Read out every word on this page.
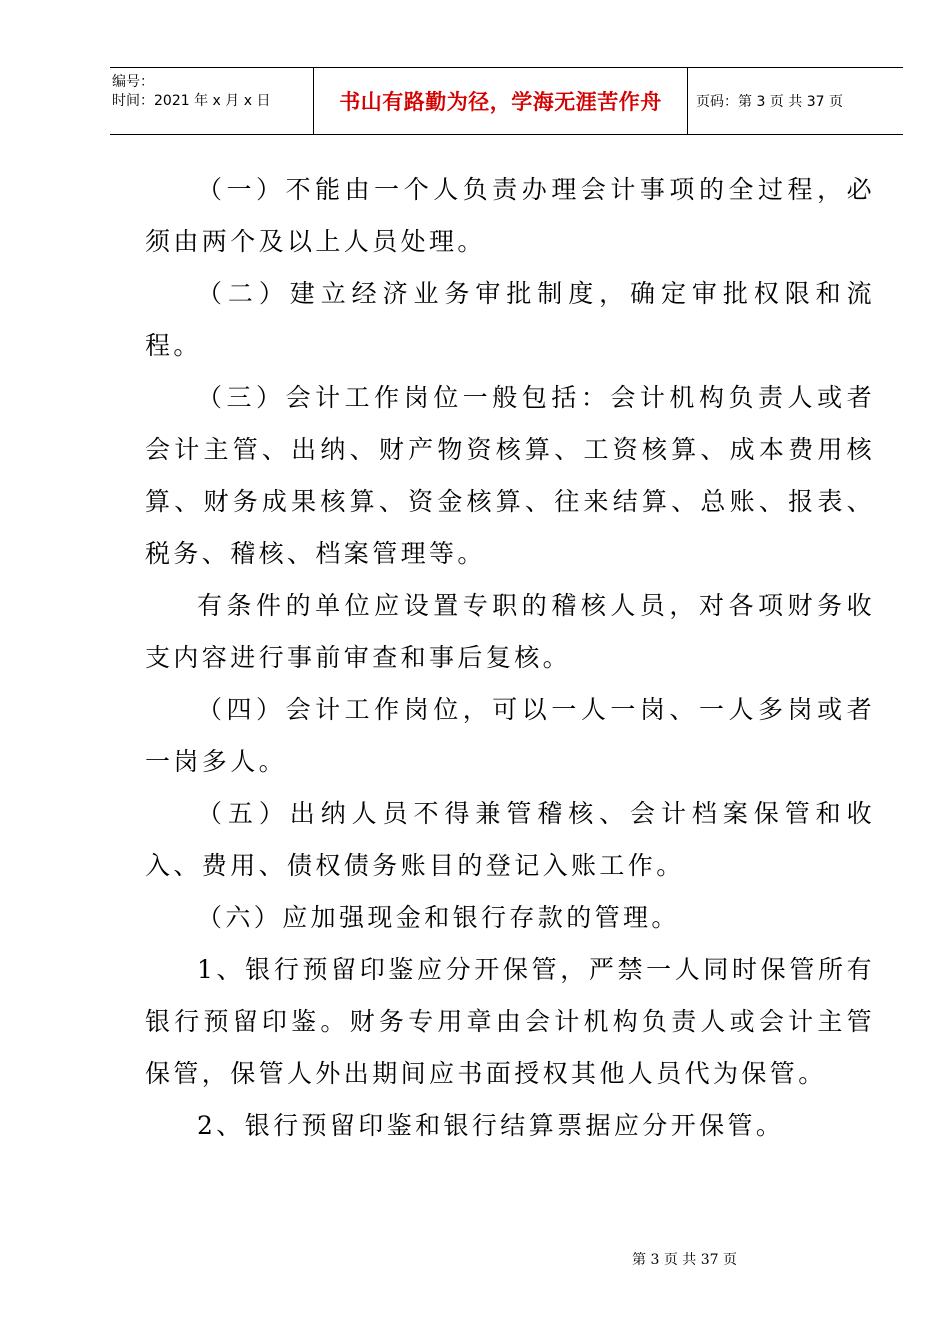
编号：
时间：2021 年 x 月 x 日	书山有路勤为径，学海无涯苦作舟	页码：第 3 页 共 37 页

（一）不能由一个人负责办理会计事项的全过程，必须由两个及以上人员处理。

（二）建立经济业务审批制度，确定审批权限和流程。

（三）会计工作岗位一般包括：会计机构负责人或者会计主管、出纳、财产物资核算、工资核算、成本费用核算、财务成果核算、资金核算、往来结算、总账、报表、税务、稽核、档案管理等。

有条件的单位应设置专职的稽核人员，对各项财务收支内容进行事前审查和事后复核。

（四）会计工作岗位，可以一人一岗、一人多岗或者一岗多人。

（五）出纳人员不得兼管稽核、会计档案保管和收入、费用、债权债务账目的登记入账工作。

（六）应加强现金和银行存款的管理。

1、银行预留印鉴应分开保管，严禁一人同时保管所有银行预留印鉴。财务专用章由会计机构负责人或会计主管保管，保管人外出期间应书面授权其他人员代为保管。

2、银行预留印鉴和银行结算票据应分开保管。

第 3 页 共 37 页
